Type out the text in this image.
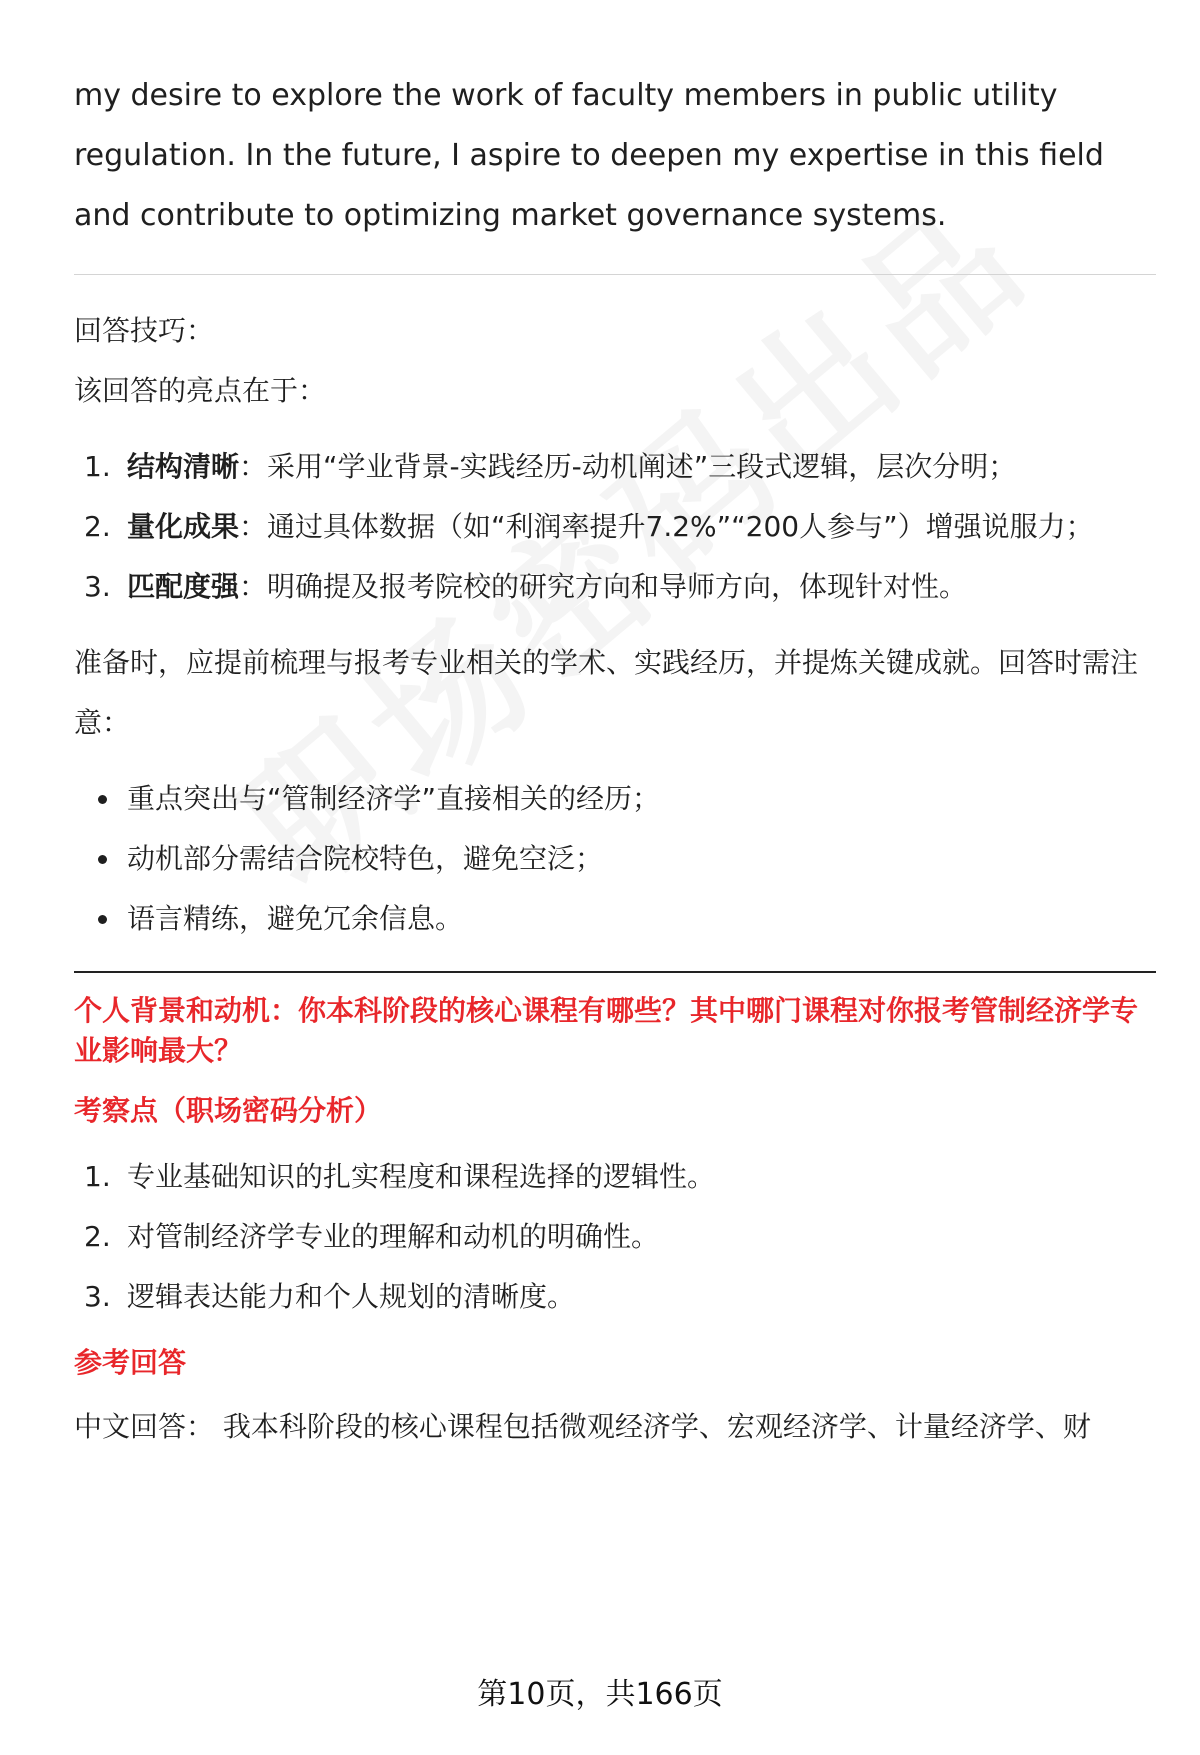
my desire to explore the work of faculty members in public utility regulation. In the future, I aspire to deepen my expertise in this field and contribute to optimizing market governance systems.

回答技巧：

该回答的亮点在于：

1. 结构清晰：采用“学业背景-实践经历-动机阐述”三段式逻辑，层次分明；
2. 量化成果：通过具体数据（如“利润率提升7.2%”“200人参与”）增强说服力；
3. 匹配度强：明确提及报考院校的研究方向和导师方向，体现针对性。

准备时，应提前梳理与报考专业相关的学术、实践经历，并提炼关键成就。回答时需注意：

重点突出与“管制经济学”直接相关的经历；
动机部分需结合院校特色，避免空泛；
语言精练，避免冗余信息。

个人背景和动机：你本科阶段的核心课程有哪些？其中哪门课程对你报考管制经济学专业影响最大？

考察点（职场密码分析）

1. 专业基础知识的扎实程度和课程选择的逻辑性。
2. 对管制经济学专业的理解和动机的明确性。
3. 逻辑表达能力和个人规划的清晰度。

参考回答

中文回答： 我本科阶段的核心课程包括微观经济学、宏观经济学、计量经济学、财

第10页，共166页
